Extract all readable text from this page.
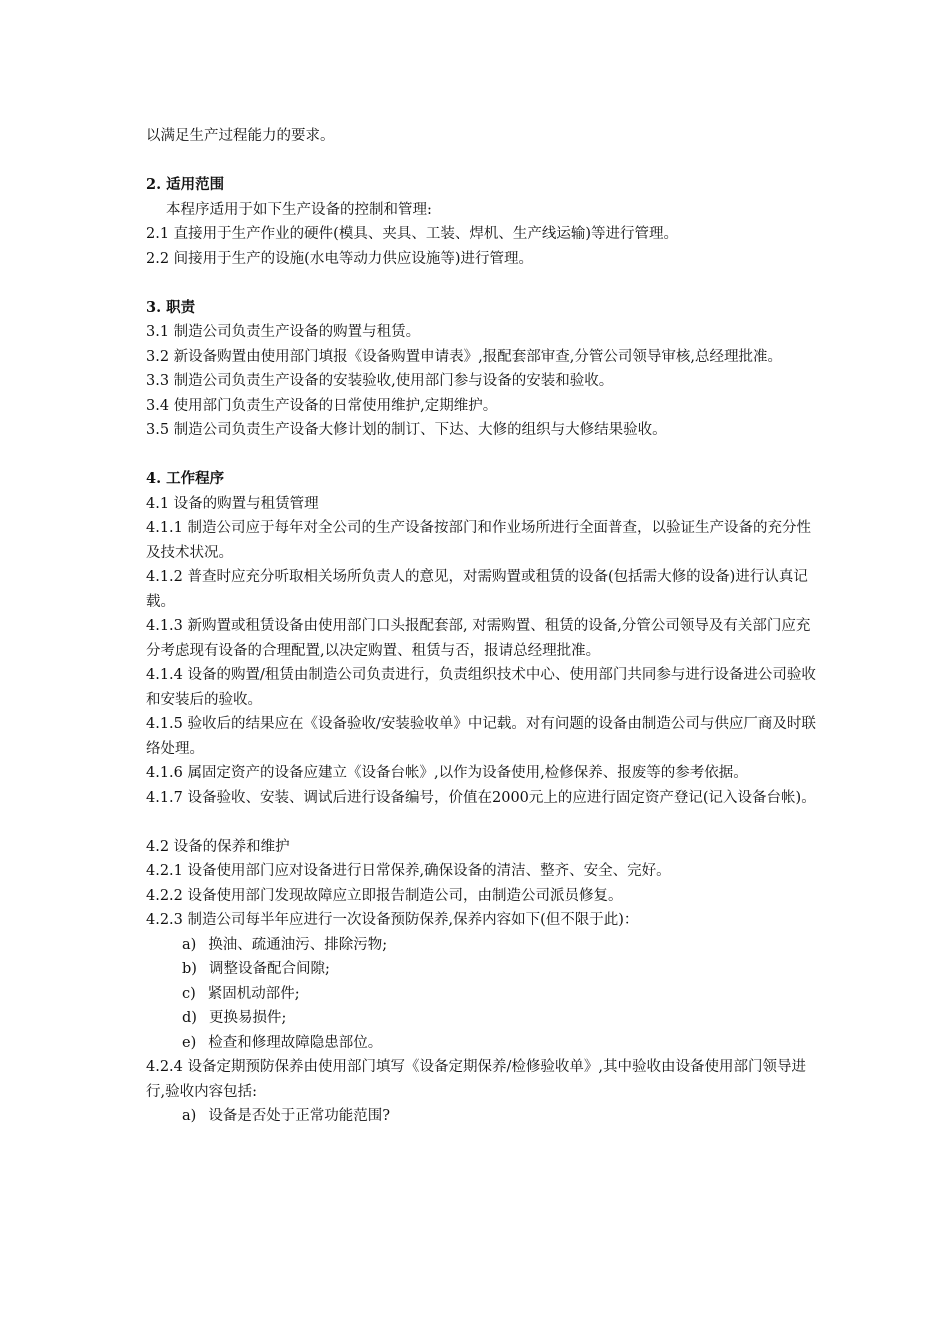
以满足生产过程能力的要求。

2. 适用范围

本程序适用于如下生产设备的控制和管理:

2.1 直接用于生产作业的硬件(模具、夹具、工装、焊机、生产线运输)等进行管理。

2.2 间接用于生产的设施(水电等动力供应设施等)进行管理。

3. 职责

3.1 制造公司负责生产设备的购置与租赁。

3.2 新设备购置由使用部门填报《设备购置申请表》,报配套部审查,分管公司领导审核,总经理批准。

3.3 制造公司负责生产设备的安装验收,使用部门参与设备的安装和验收。

3.4 使用部门负责生产设备的日常使用维护,定期维护。

3.5 制造公司负责生产设备大修计划的制订、下达、大修的组织与大修结果验收。

4. 工作程序

4.1 设备的购置与租赁管理

4.1.1 制造公司应于每年对全公司的生产设备按部门和作业场所进行全面普查，以验证生产设备的充分性及技术状况。

4.1.2 普查时应充分听取相关场所负责人的意见，对需购置或租赁的设备(包括需大修的设备)进行认真记载。

4.1.3 新购置或租赁设备由使用部门口头报配套部, 对需购置、租赁的设备,分管公司领导及有关部门应充分考虑现有设备的合理配置,以决定购置、租赁与否，报请总经理批准。

4.1.4 设备的购置/租赁由制造公司负责进行，负责组织技术中心、使用部门共同参与进行设备进公司验收和安装后的验收。

4.1.5 验收后的结果应在《设备验收/安装验收单》中记载。对有问题的设备由制造公司与供应厂商及时联络处理。

4.1.6 属固定资产的设备应建立《设备台帐》,以作为设备使用,检修保养、报废等的参考依据。

4.1.7 设备验收、安装、调试后进行设备编号，价值在2000元上的应进行固定资产登记(记入设备台帐)。

4.2 设备的保养和维护

4.2.1 设备使用部门应对设备进行日常保养,确保设备的清洁、整齐、安全、完好。

4.2.2 设备使用部门发现故障应立即报告制造公司，由制造公司派员修复。

4.2.3 制造公司每半年应进行一次设备预防保养,保养内容如下(但不限于此)：

a) 换油、疏通油污、排除污物;
b) 调整设备配合间隙;
c) 紧固机动部件;
d) 更换易损件;
e) 检查和修理故障隐患部位。

4.2.4 设备定期预防保养由使用部门填写《设备定期保养/检修验收单》,其中验收由设备使用部门领导进行,验收内容包括:

a) 设备是否处于正常功能范围?
